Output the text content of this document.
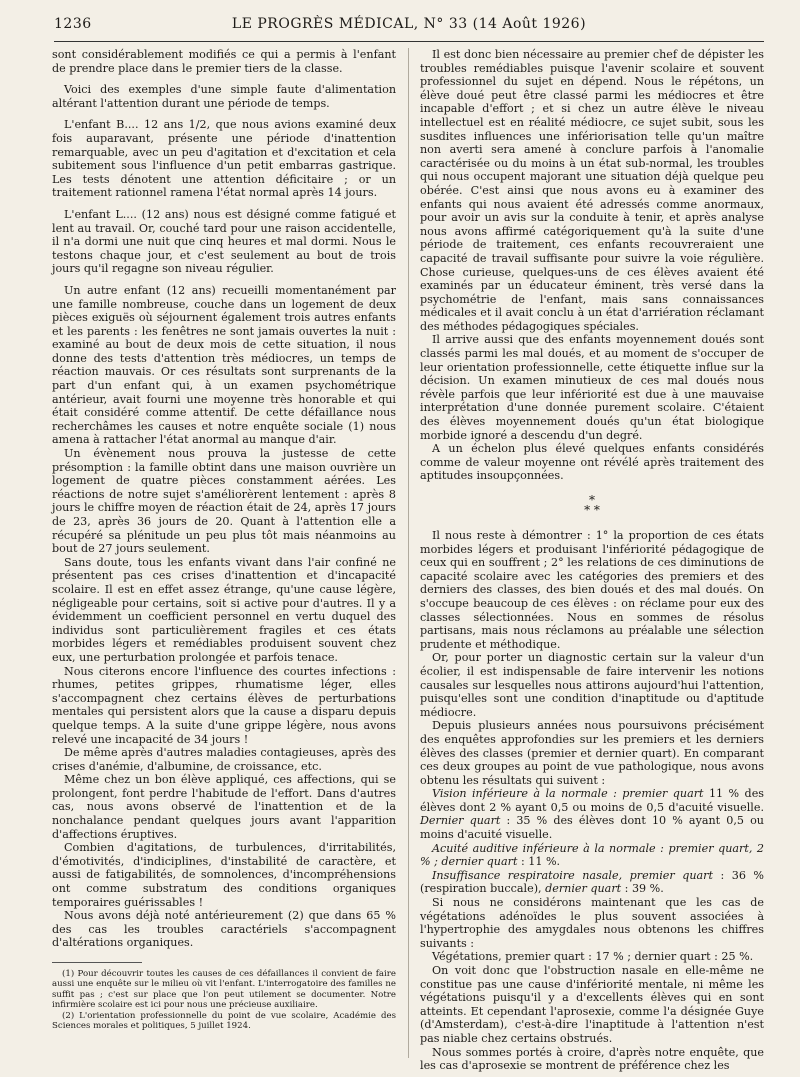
1236	LE PROGRÈS MÉDICAL, N° 33 (14 Août 1926)

sont considérablement modifiés ce qui a permis à l'enfant de prendre place dans le premier tiers de la classe.

Voici des exemples d'une simple faute d'alimentation altérant l'attention durant une période de temps.

L'enfant B.... 12 ans 1/2, que nous avions examiné deux fois auparavant, présente une période d'inattention remarquable, avec un peu d'agitation et d'excitation et cela subitement sous l'influence d'un petit embarras gastrique. Les tests dénotent une attention déficitaire ; or un traitement rationnel ramena l'état normal après 14 jours.

L'enfant L.... (12 ans) nous est désigné comme fatigué et lent au travail. Or, couché tard pour une raison accidentelle, il n'a dormi une nuit que cinq heures et mal dormi. Nous le testons chaque jour, et c'est seulement au bout de trois jours qu'il regagne son niveau régulier.

Un autre enfant (12 ans) recueilli momentanément par une famille nombreuse, couche dans un logement de deux pièces exiguës où séjournent également trois autres enfants et les parents : les fenêtres ne sont jamais ouvertes la nuit : examiné au bout de deux mois de cette situation, il nous donne des tests d'attention très médiocres, un temps de réaction mauvais. Or ces résultats sont surprenants de la part d'un enfant qui, à un examen psychométrique antérieur, avait fourni une moyenne très honorable et qui était considéré comme attentif. De cette défaillance nous recherchâmes les causes et notre enquête sociale (1) nous amena à rattacher l'état anormal au manque d'air.

Un évènement nous prouva la justesse de cette présomption : la famille obtint dans une maison ouvrière un logement de quatre pièces constamment aérées. Les réactions de notre sujet s'améliorèrent lentement : après 8 jours le chiffre moyen de réaction était de 24, après 17 jours de 23, après 36 jours de 20. Quant à l'attention elle a récupéré sa plénitude un peu plus tôt mais néanmoins au bout de 27 jours seulement.

Sans doute, tous les enfants vivant dans l'air confiné ne présentent pas ces crises d'inattention et d'incapacité scolaire. Il est en effet assez étrange, qu'une cause légère, négligeable pour certains, soit si active pour d'autres. Il y a évidemment un coefficient personnel en vertu duquel des individus sont particulièrement fragiles et ces états morbides légers et remédiables produisent souvent chez eux, une perturbation prolongée et parfois tenace.

Nous citerons encore l'influence des courtes infections : rhumes, petites grippes, rhumatisme léger, elles s'accompagnent chez certains élèves de perturbations mentales qui persistent alors que la cause a disparu depuis quelque temps. A la suite d'une grippe légère, nous avons relevé une incapacité de 34 jours !

De même après d'autres maladies contagieuses, après des crises d'anémie, d'albumine, de croissance, etc.

Même chez un bon élève appliqué, ces affections, qui se prolongent, font perdre l'habitude de l'effort. Dans d'autres cas, nous avons observé de l'inattention et de la nonchalance pendant quelques jours avant l'apparition d'affections éruptives.

Combien d'agitations, de turbulences, d'irritabilités, d'émotivités, d'indiciplines, d'instabilité de caractère, et aussi de fatigabilités, de somnolences, d'incompréhensions ont comme substratum des conditions organiques temporaires guérissables !

Nous avons déjà noté antérieurement (2) que dans 65 % des cas les troubles caractériels s'accompagnent d'altérations organiques.

(1) Pour découvrir toutes les causes de ces défaillances il convient de faire aussi une enquête sur le milieu où vit l'enfant. L'interrogatoire des familles ne suffit pas ; c'est sur place que l'on peut utilement se documenter. Notre infirmière scolaire est ici pour nous une précieuse auxiliaire.

(2) L'orientation professionnelle du point de vue scolaire, Académie des Sciences morales et politiques, 5 juillet 1924.

Il est donc bien nécessaire au premier chef de dépister les troubles remédiables puisque l'avenir scolaire et souvent professionnel du sujet en dépend. Nous le répétons, un élève doué peut être classé parmi les médiocres et être incapable d'effort ; et si chez un autre élève le niveau intellectuel est en réalité médiocre, ce sujet subit, sous les susdites influences une infériorisation telle qu'un maître non averti sera amené à conclure parfois à l'anomalie caractérisée ou du moins à un état sub-normal, les troubles qui nous occupent majorant une situation déjà quelque peu obérée. C'est ainsi que nous avons eu à examiner des enfants qui nous avaient été adressés comme anormaux, pour avoir un avis sur la conduite à tenir, et après analyse nous avons affirmé catégoriquement qu'à la suite d'une période de traitement, ces enfants recouvreraient une capacité de travail suffisante pour suivre la voie régulière. Chose curieuse, quelques-uns de ces élèves avaient été examinés par un éducateur éminent, très versé dans la psychométrie de l'enfant, mais sans connaissances médicales et il avait conclu à un état d'arriération réclamant des méthodes pédagogiques spéciales.

Il arrive aussi que des enfants moyennement doués sont classés parmi les mal doués, et au moment de s'occuper de leur orientation professionnelle, cette étiquette influe sur la décision. Un examen minutieux de ces mal doués nous révèle parfois que leur infériorité est due à une mauvaise interprétation d'une donnée purement scolaire. C'étaient des élèves moyennement doués qu'un état biologique morbide ignoré a descendu d'un degré.

A un échelon plus élevé quelques enfants considérés comme de valeur moyenne ont révélé après traitement des aptitudes insoupçonnées.

*
* *

Il nous reste à démontrer : 1° la proportion de ces états morbides légers et produisant l'infériorité pédagogique de ceux qui en souffrent ; 2° les relations de ces diminutions de capacité scolaire avec les catégories des premiers et des derniers des classes, des bien doués et des mal doués. On s'occupe beaucoup de ces élèves : on réclame pour eux des classes sélectionnées. Nous en sommes de résolus partisans, mais nous réclamons au préalable une sélection prudente et méthodique.

Or, pour porter un diagnostic certain sur la valeur d'un écolier, il est indispensable de faire intervenir les notions causales sur lesquelles nous attirons aujourd'hui l'attention, puisqu'elles sont une condition d'inaptitude ou d'aptitude médiocre.

Depuis plusieurs années nous poursuivons précisément des enquêtes approfondies sur les premiers et les derniers élèves des classes (premier et dernier quart). En comparant ces deux groupes au point de vue pathologique, nous avons obtenu les résultats qui suivent :

Vision inférieure à la normale : premier quart 11 % des élèves dont 2 % ayant 0,5 ou moins de 0,5 d'acuité visuelle. Dernier quart : 35 % des élèves dont 10 % ayant 0,5 ou moins d'acuité visuelle.

Acuité auditive inférieure à la normale : premier quart, 2 % ; dernier quart : 11 %.

Insuffisance respiratoire nasale, premier quart : 36 % (respiration buccale), dernier quart : 39 %.

Si nous ne considérons maintenant que les cas de végétations adénoïdes le plus souvent associées à l'hypertrophie des amygdales nous obtenons les chiffres suivants :

Végétations, premier quart : 17 % ; dernier quart : 25 %.

On voit donc que l'obstruction nasale en elle-même ne constitue pas une cause d'infériorité mentale, ni même les végétations puisqu'il y a d'excellents élèves qui en sont atteints. Et cependant l'aprosexie, comme l'a désignée Guye (d'Amsterdam), c'est-à-dire l'inaptitude à l'attention n'est pas niable chez certains obstrués.

Nous sommes portés à croire, d'après notre enquête, que les cas d'aprosexie se montrent de préférence chez les
